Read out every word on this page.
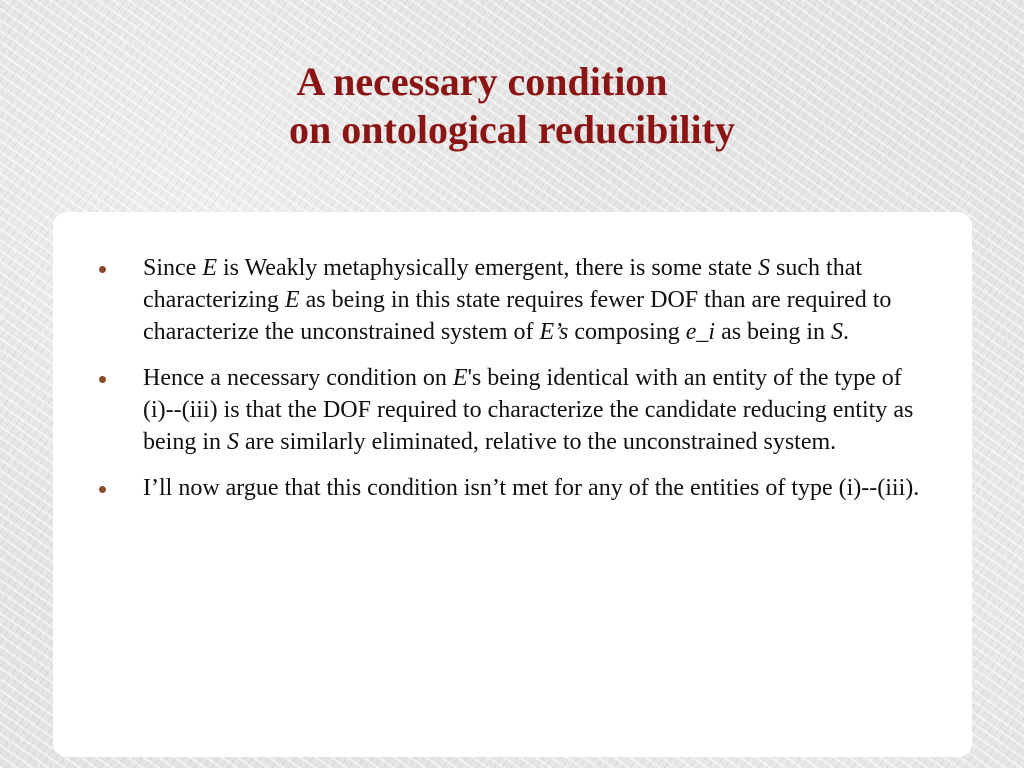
A necessary condition
on ontological reducibility
Since E is Weakly metaphysically emergent, there is some state S such that characterizing E as being in this state requires fewer DOF than are required to characterize the unconstrained system of E’s composing e_i as being in S.
Hence a necessary condition on E's being identical with an entity of the type of (i)--(iii) is that the DOF required to characterize the candidate reducing entity as being in S are similarly eliminated, relative to the unconstrained system.
I’ll now argue that this condition isn’t met for any of the entities of type (i)--(iii).
